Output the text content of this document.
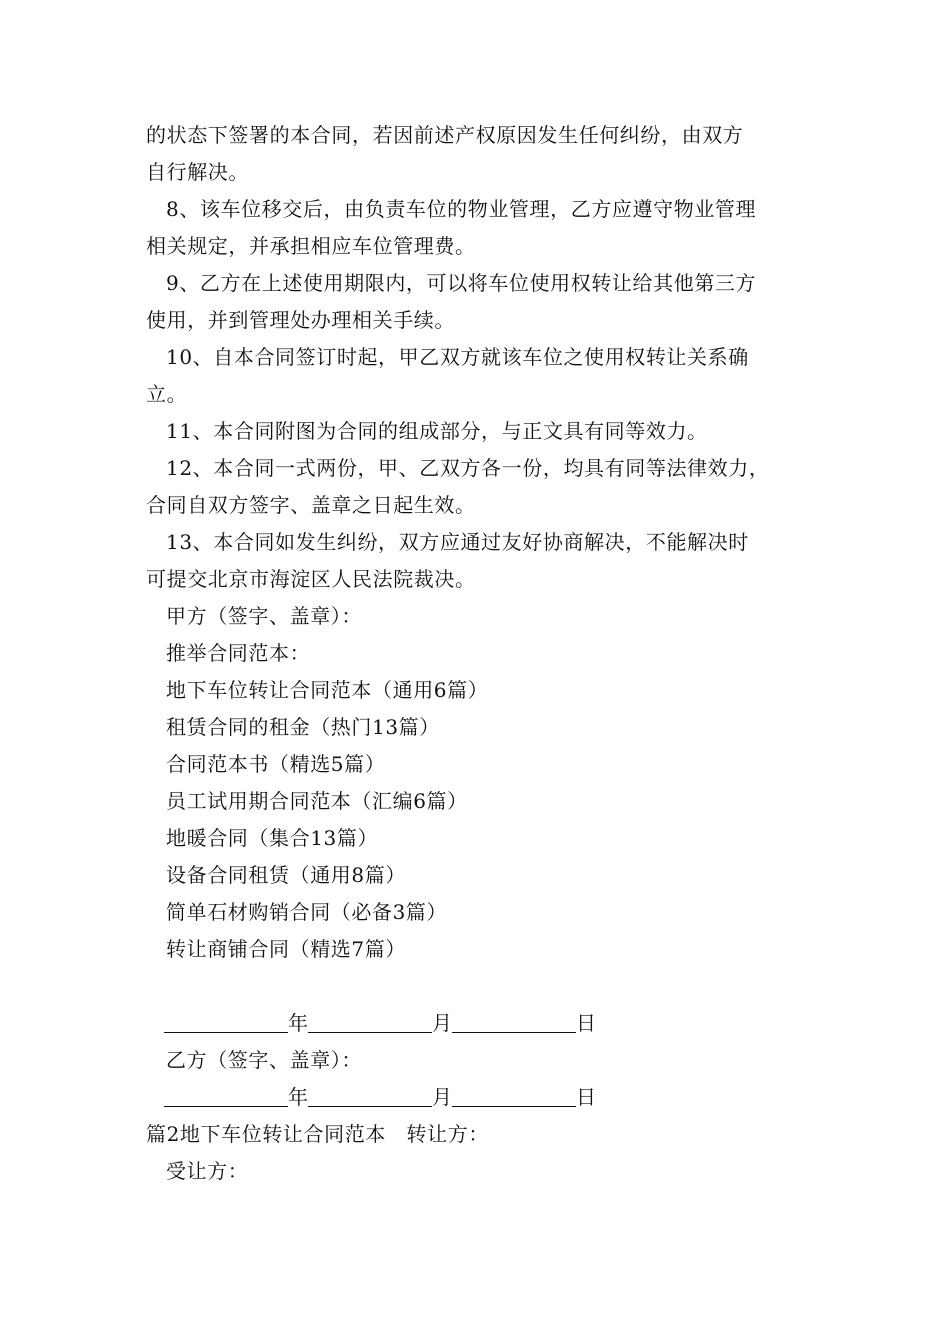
的状态下签署的本合同，若因前述产权原因发生任何纠纷，由双方
自行解决。
8、该车位移交后，由负责车位的物业管理，乙方应遵守物业管理
相关规定，并承担相应车位管理费。
9、乙方在上述使用期限内，可以将车位使用权转让给其他第三方
使用，并到管理处办理相关手续。
10、自本合同签订时起，甲乙双方就该车位之使用权转让关系确
立。
11、本合同附图为合同的组成部分，与正文具有同等效力。
12、本合同一式两份，甲、乙双方各一份，均具有同等法律效力，
合同自双方签字、盖章之日起生效。
13、本合同如发生纠纷，双方应通过友好协商解决，不能解决时
可提交北京市海淀区人民法院裁决。
甲方（签字、盖章）：
推举合同范本：
地下车位转让合同范本（通用6篇）
租赁合同的租金（热门13篇）
合同范本书（精选5篇）
员工试用期合同范本（汇编6篇）
地暖合同（集合13篇）
设备合同租赁（通用8篇）
简单石材购销合同（必备3篇）
转让商铺合同（精选7篇）
年	月	日
乙方（签字、盖章）：
年	月	日
篇2地下车位转让合同范本　转让方：
受让方：
